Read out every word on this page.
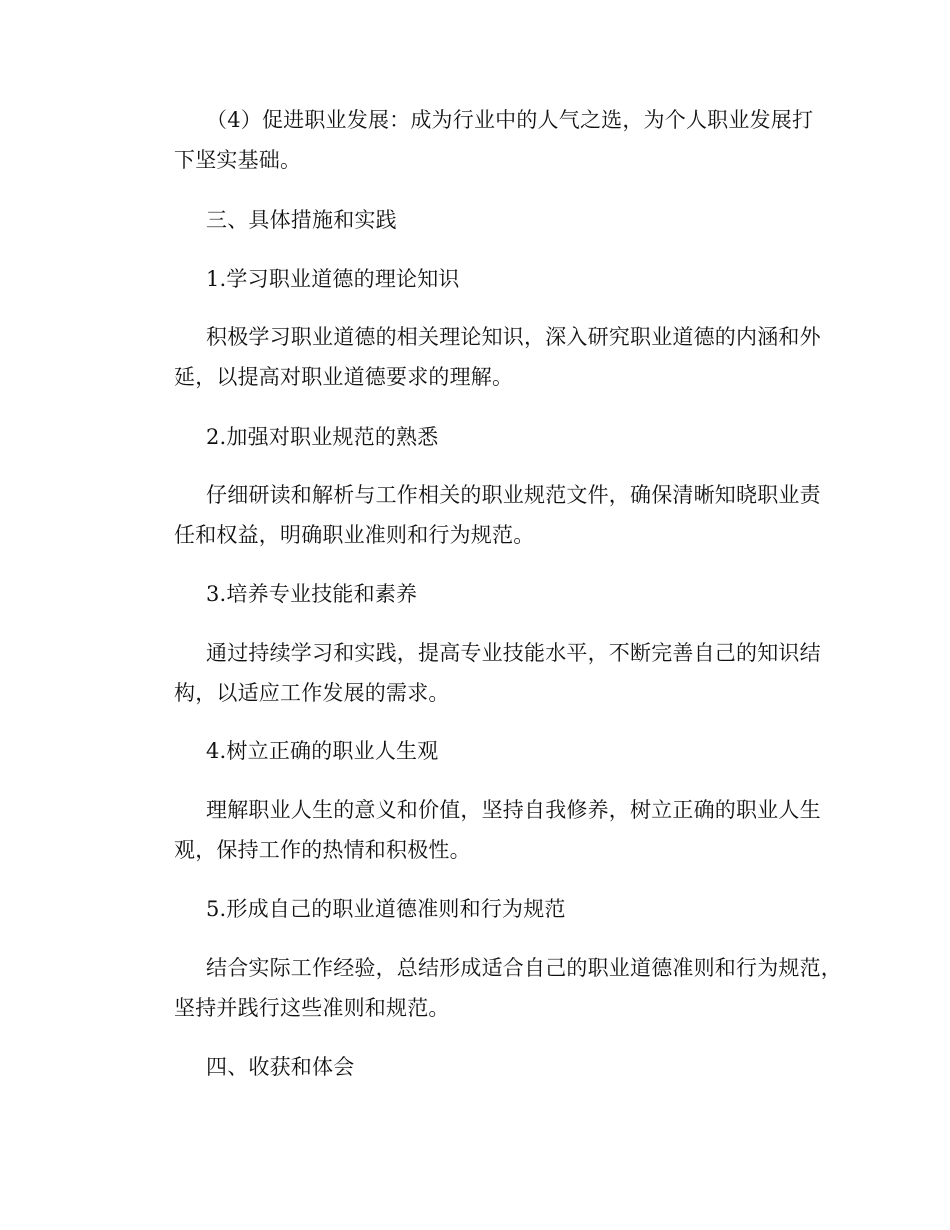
（4）促进职业发展：成为行业中的人气之选，为个人职业发展打
下坚实基础。
三、具体措施和实践
1.学习职业道德的理论知识
积极学习职业道德的相关理论知识，深入研究职业道德的内涵和外
延，以提高对职业道德要求的理解。
2.加强对职业规范的熟悉
仔细研读和解析与工作相关的职业规范文件，确保清晰知晓职业责
任和权益，明确职业准则和行为规范。
3.培养专业技能和素养
通过持续学习和实践，提高专业技能水平，不断完善自己的知识结
构，以适应工作发展的需求。
4.树立正确的职业人生观
理解职业人生的意义和价值，坚持自我修养，树立正确的职业人生
观，保持工作的热情和积极性。
5.形成自己的职业道德准则和行为规范
结合实际工作经验，总结形成适合自己的职业道德准则和行为规范，
坚持并践行这些准则和规范。
四、收获和体会
